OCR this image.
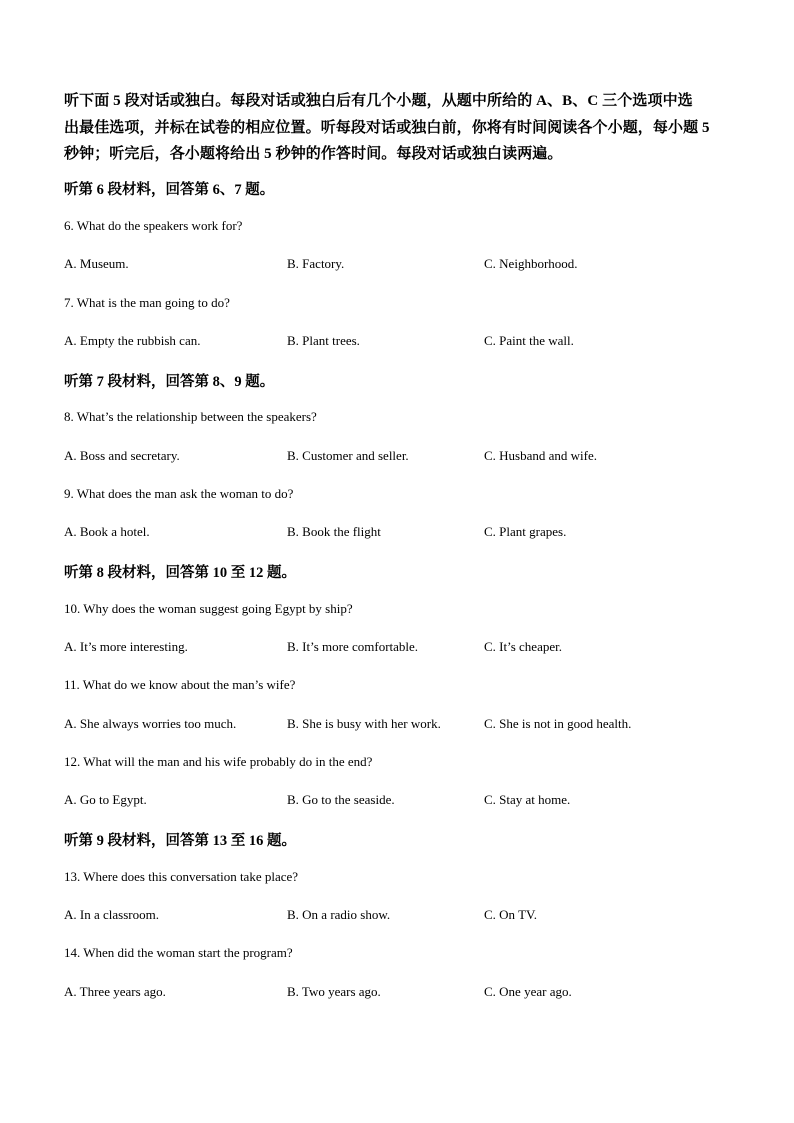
听下面 5 段对话或独白。每段对话或独白后有几个小题，从题中所给的 A、B、C 三个选项中选
出最佳选项，并标在试卷的相应位置。听每段对话或独白前，你将有时间阅读各个小题，每小题 5
秒钟；听完后，各小题将给出 5 秒钟的作答时间。每段对话或独白读两遍。
听第 6 段材料，回答第 6、7 题。
6. What do the speakers work for?
A. Museum.	B. Factory.	C. Neighborhood.
7. What is the man going to do?
A. Empty the rubbish can.	B. Plant trees.	C. Paint the wall.
听第 7 段材料，回答第 8、9 题。
8. What’s the relationship between the speakers?
A. Boss and secretary.	B. Customer and seller.	C. Husband and wife.
9. What does the man ask the woman to do?
A. Book a hotel.	B. Book the flight	C. Plant grapes.
听第 8 段材料，回答第 10 至 12 题。
10. Why does the woman suggest going Egypt by ship?
A. It’s more interesting.	B. It’s more comfortable.	C. It’s cheaper.
11. What do we know about the man’s wife?
A. She always worries too much.	B. She is busy with her work.	C. She is not in good health.
12. What will the man and his wife probably do in the end?
A. Go to Egypt.	B. Go to the seaside.	C. Stay at home.
听第 9 段材料，回答第 13 至 16 题。
13. Where does this conversation take place?
A. In a classroom.	B. On a radio show.	C. On TV.
14. When did the woman start the program?
A. Three years ago.	B. Two years ago.	C. One year ago.
